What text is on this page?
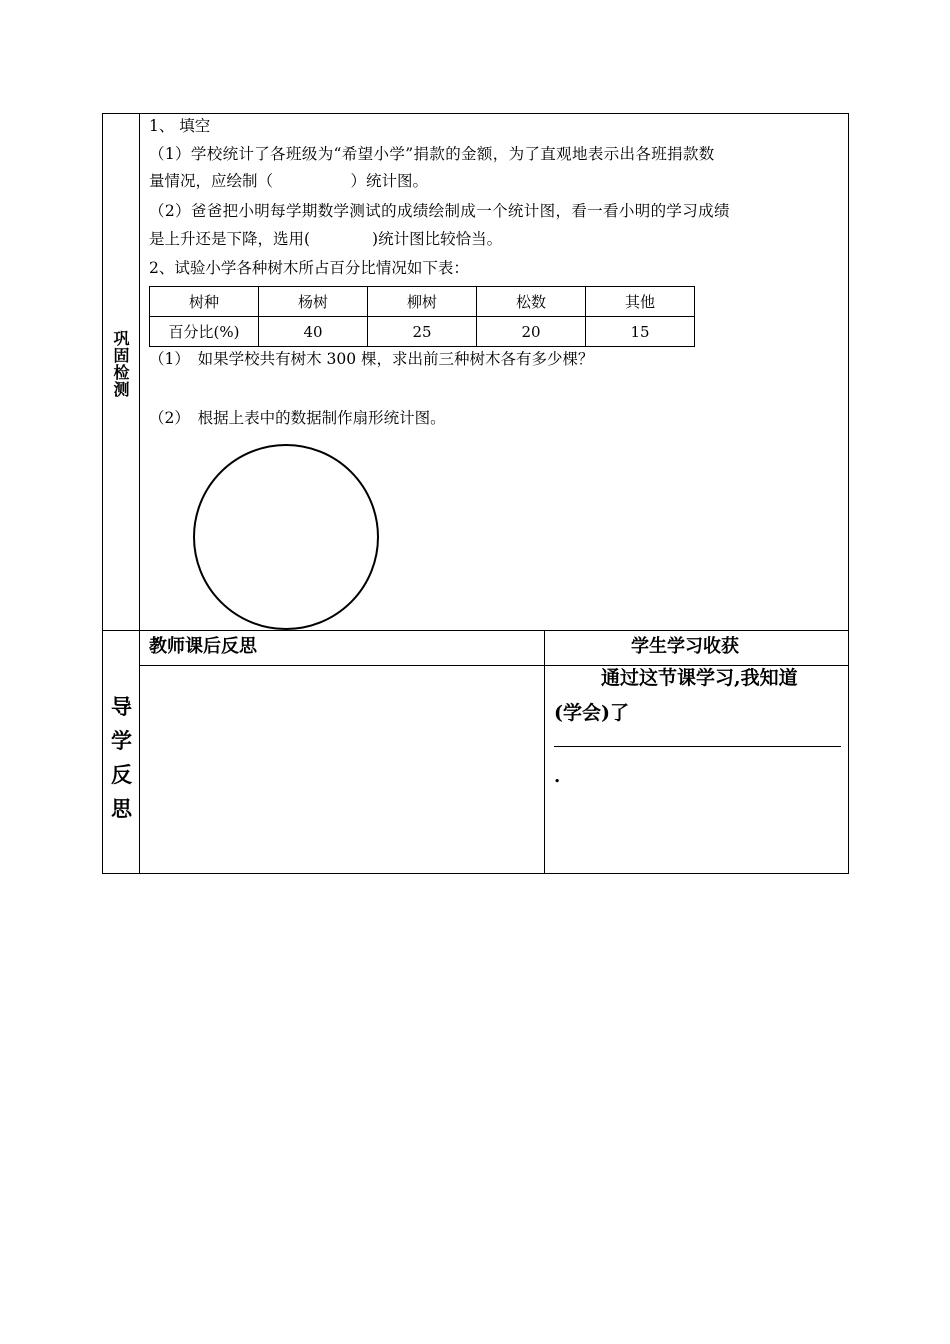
巩
固
检
测
1、 填空
（1）学校统计了各班级为“希望小学”捐款的金额，为了直观地表示出各班捐款数
量情况，应绘制（　　　　　）统计图。
（2）爸爸把小明每学期数学测试的成绩绘制成一个统计图，看一看小明的学习成绩
是上升还是下降，选用(　　　　)统计图比较恰当。
2、试验小学各种树木所占百分比情况如下表：
树种	杨树	柳树	松数	其他
百分比(%)	40	25	20	15
（1）　如果学校共有树木 300 棵，求出前三种树木各有多少棵？
（2）　根据上表中的数据制作扇形统计图。
导
学
反
思
教师课后反思	学生学习收获
通过这节课学习,我知道
(学会)了
.
